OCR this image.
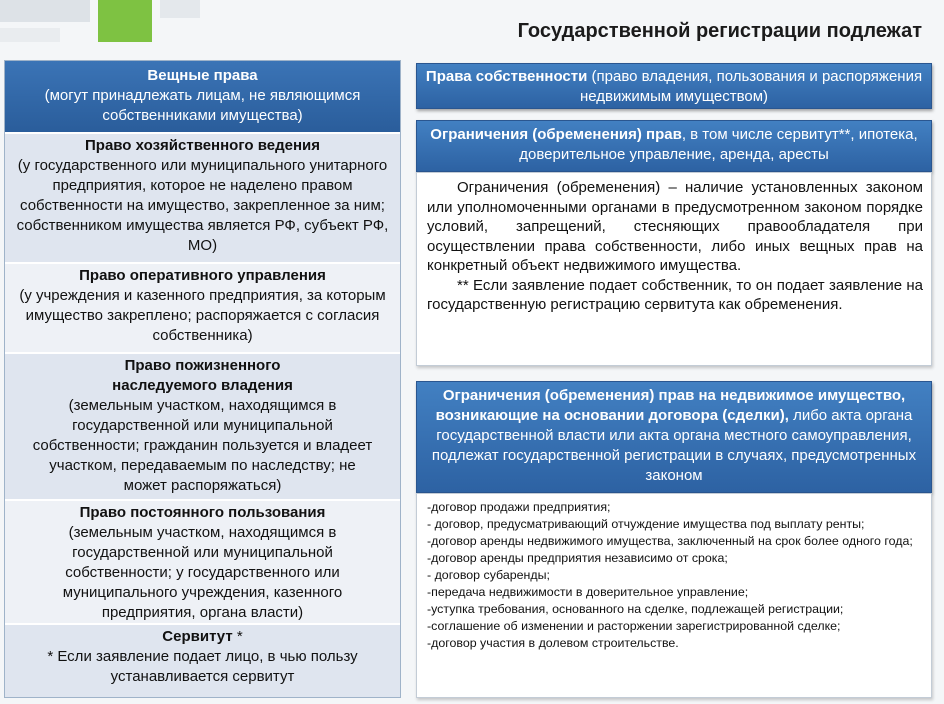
Государственной регистрации подлежат
Вещные права
(могут принадлежать лицам, не являющимся собственниками имущества)
Право хозяйственного ведения
(у государственного или муниципального унитарного предприятия, которое не наделено правом собственности на имущество, закрепленное за ним; собственником имущества является РФ, субъект РФ, МО)
Право оперативного управления
(у учреждения и казенного предприятия, за которым имущество закреплено; распоряжается с согласия собственника)
Право пожизненного наследуемого владения
(земельным участком, находящимся в государственной или муниципальной собственности; гражданин пользуется и владеет участком, передаваемым по наследству; не может распоряжаться)
Право постоянного пользования
(земельным участком, находящимся в государственной или муниципальной собственности; у государственного или муниципального учреждения, казенного предприятия, органа власти)
Сервитут *
* Если заявление подает лицо, в чью пользу устанавливается сервитут
Права собственности (право владения, пользования и распоряжения недвижимым имуществом)
Ограничения (обременения) прав, в том числе сервитут**, ипотека, доверительное управление, аренда, аресты

Ограничения (обременения) – наличие установленных законом или уполномоченными органами в предусмотренном законом порядке условий, запрещений, стесняющих правообладателя при осуществлении права собственности, либо иных вещных прав на конкретный объект недвижимого имущества.

** Если заявление подает собственник, то он подает заявление на государственную регистрацию сервитута как обременения.

Ограничения (обременения) прав на недвижимое имущество, возникающие на основании договора (сделки), либо акта органа государственной власти или акта органа местного самоуправления, подлежат государственной регистрации в случаях, предусмотренных законом
-договор продажи предприятия;
- договор, предусматривающий отчуждение имущества под выплату ренты;
-договор аренды недвижимого имущества, заключенный на срок более одного года;
-договор аренды предприятия независимо от срока;
- договор субаренды;
-передача недвижимости в доверительное управление;
-уступка требования, основанного на сделке, подлежащей регистрации;
-соглашение об изменении и расторжении зарегистрированной сделке;
-договор участия в долевом строительстве.
